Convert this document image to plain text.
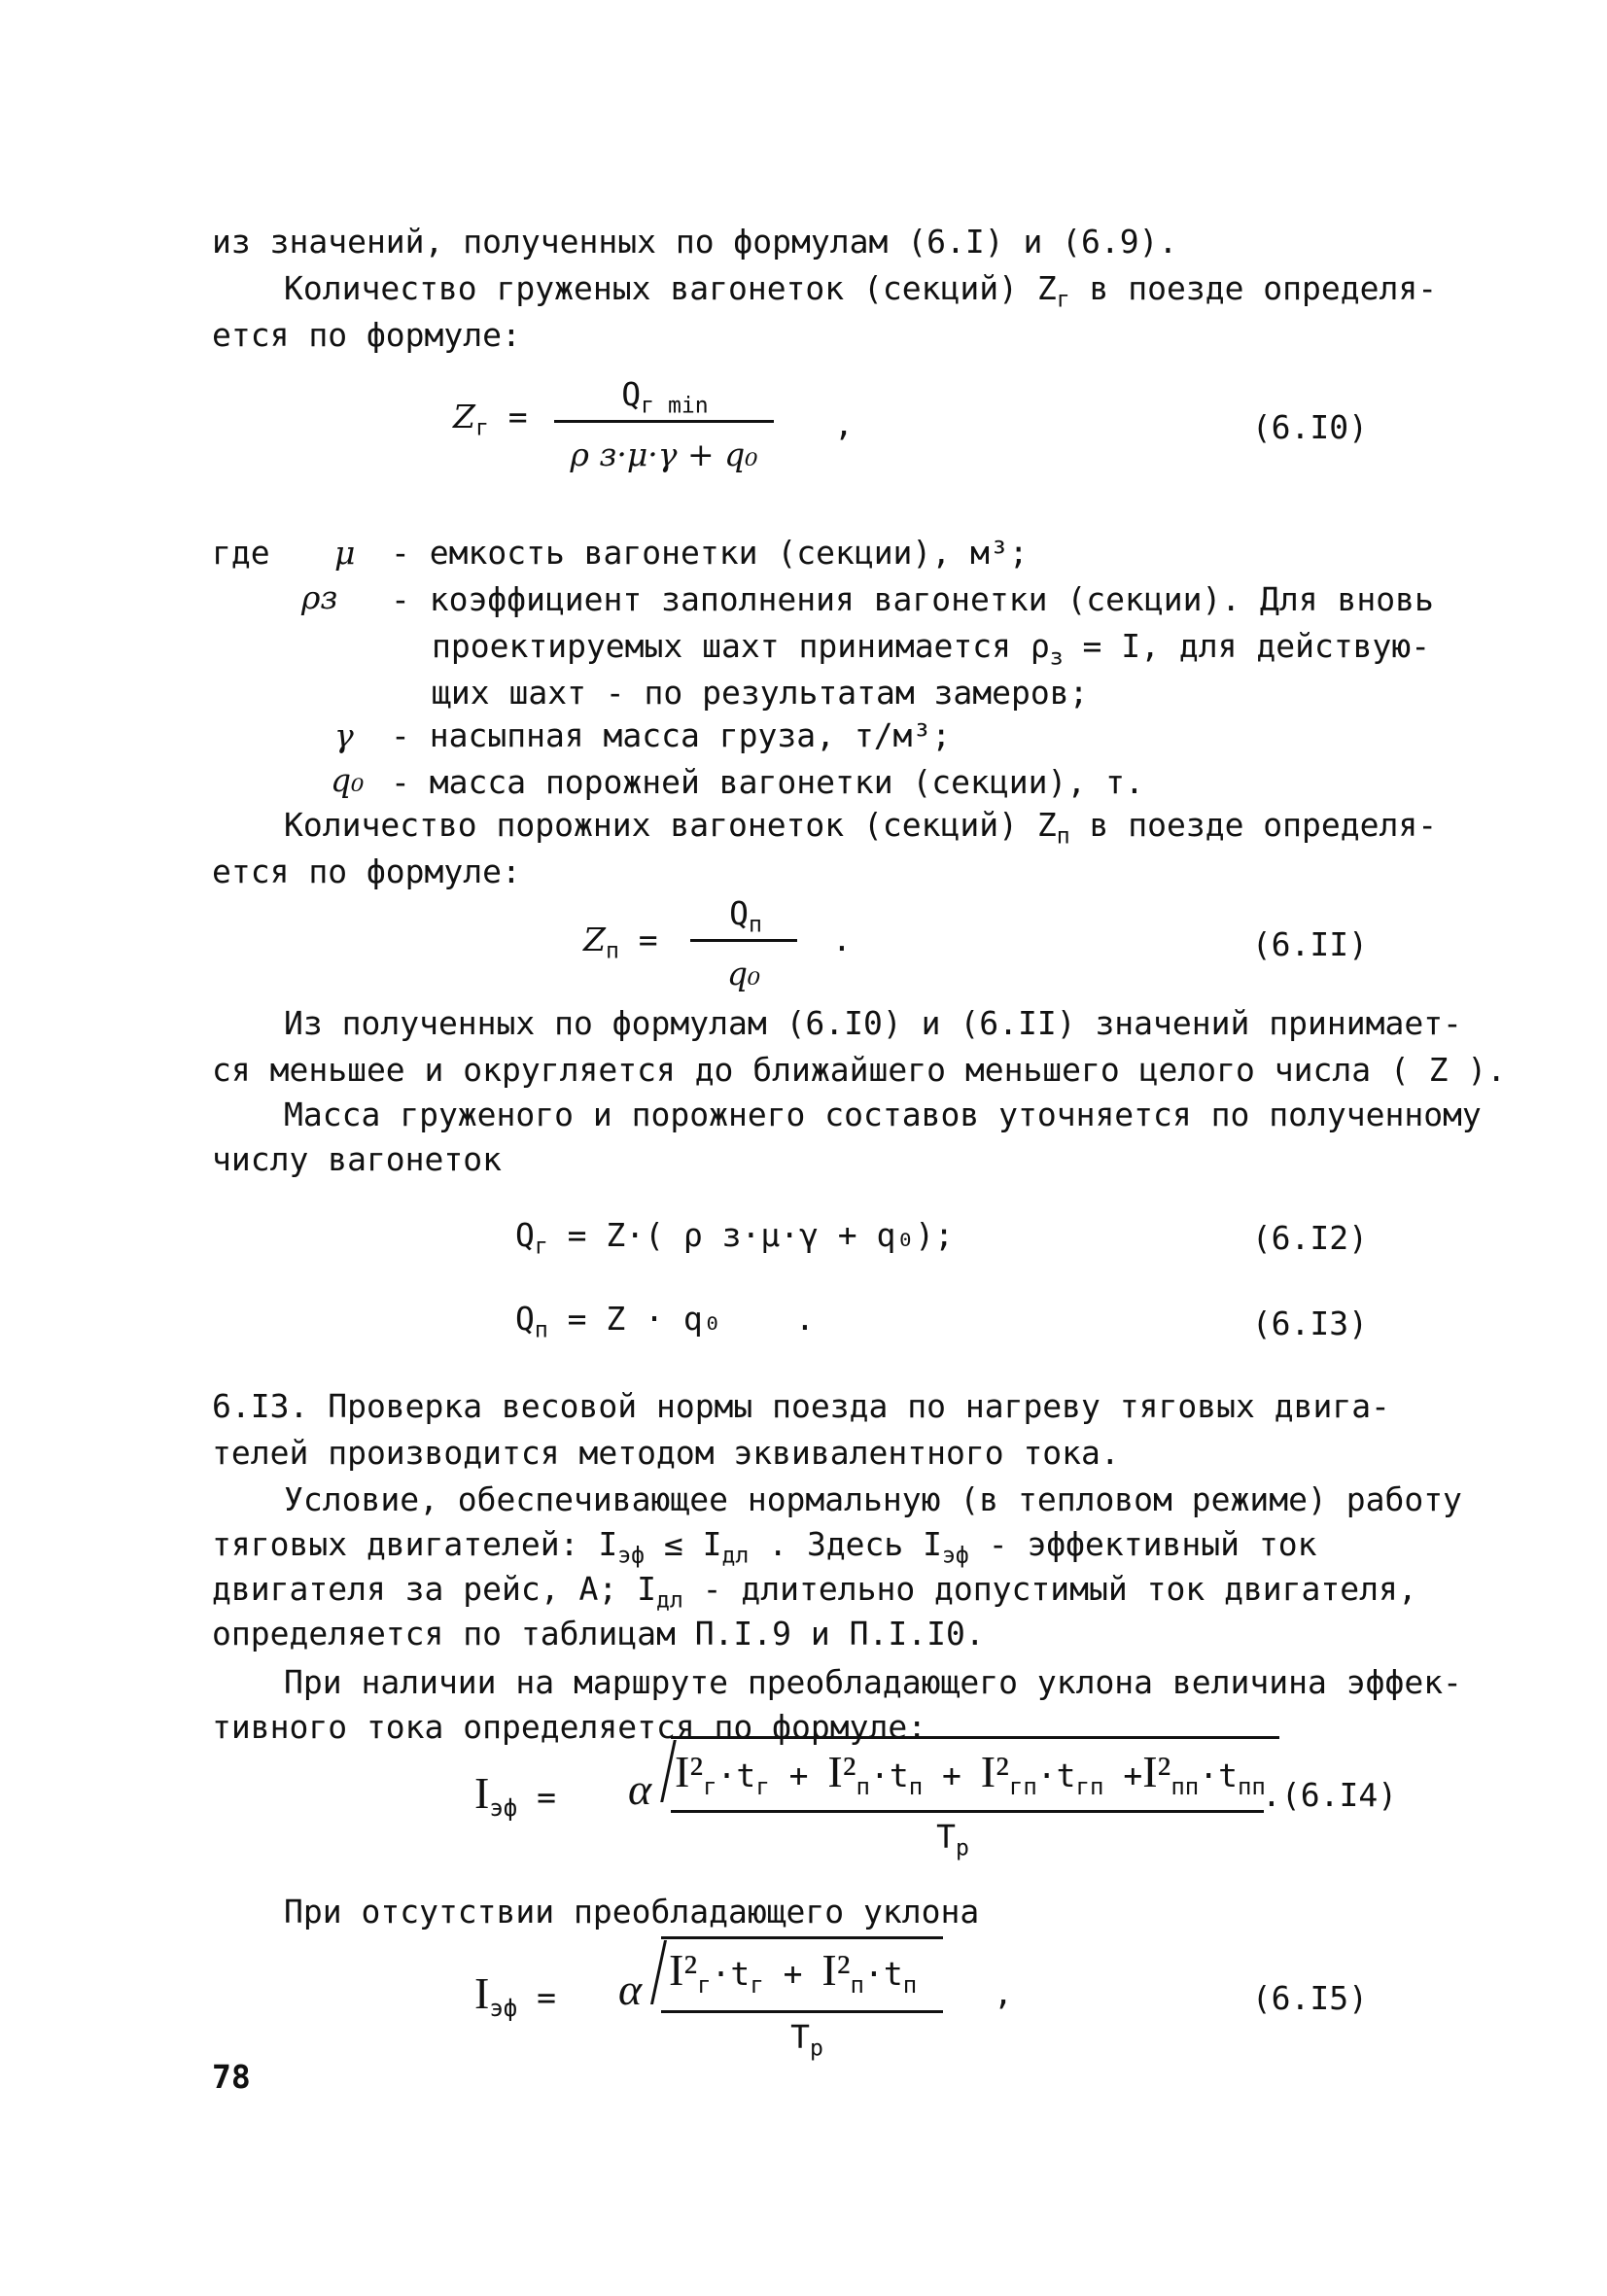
из значений, полученных по формулам (6.I) и (6.9).
Количество груженых вагонеток (секций) $Z_г$ в поезде определя-
ется по формуле:
$Z_г$ =
$Q_{г min}$
ρ з·μ·γ + q₀
,	(6.I0)
где μ - емкость вагонетки (секции), м³;
ρз - коэффициент заполнения вагонетки (секции). Для вновь
проектируемых шахт принимается $\rho_з = I$, для действую-
щих шахт - по результатам замеров;
γ - насыпная масса груза, т/м³;
q₀ - масса порожней вагонетки (секции), т.
Количество порожних вагонеток (секций) $Z_п$ в поезде определя-
ется по формуле:
$Z_п$ =
$Q_п$
q₀
.	(6.II)
Из полученных по формулам (6.I0) и (6.II) значений принимает-
ся меньшее и округляется до ближайшего меньшего целого числа ( Z ).
Масса груженого и порожнего составов уточняется по полученному
числу вагонеток
$Q_г = Z\cdot$( ρ з·μ·γ + q₀);	(6.I2)
$Q_п = Z \cdot q_0$ .	(6.I3)
6.I3. Проверка весовой нормы поезда по нагреву тяговых двига-
телей производится методом эквивалентного тока.
Условие, обеспечивающее нормальную (в тепловом режиме) работу
тяговых двигателей: $I_{эф} \le I_{дл}$ . Здесь $I_{эф}$ - эффективный ток
двигателя за рейс, А; $I_{дл}$ - длительно допустимый ток двигателя,
определяется по таблицам П.I.9 и П.I.I0.
При наличии на маршруте преобладающего уклона величина эффек-
тивного тока определяется по формуле:
$I_{эф} = \alpha$ $I^2_г\cdot t_г + I^2_п\cdot t_п + I^2_{гп}\cdot t_{гп} +I^2_{пп}\cdot t_{пп}$
$T_р$
.(6.I4)
При отсутствии преобладающего уклона
$I_{эф} = \alpha$ $I^2_г\cdot t_г + I^2_п\cdot t_п$
$T_р$
,	(6.I5)
78
